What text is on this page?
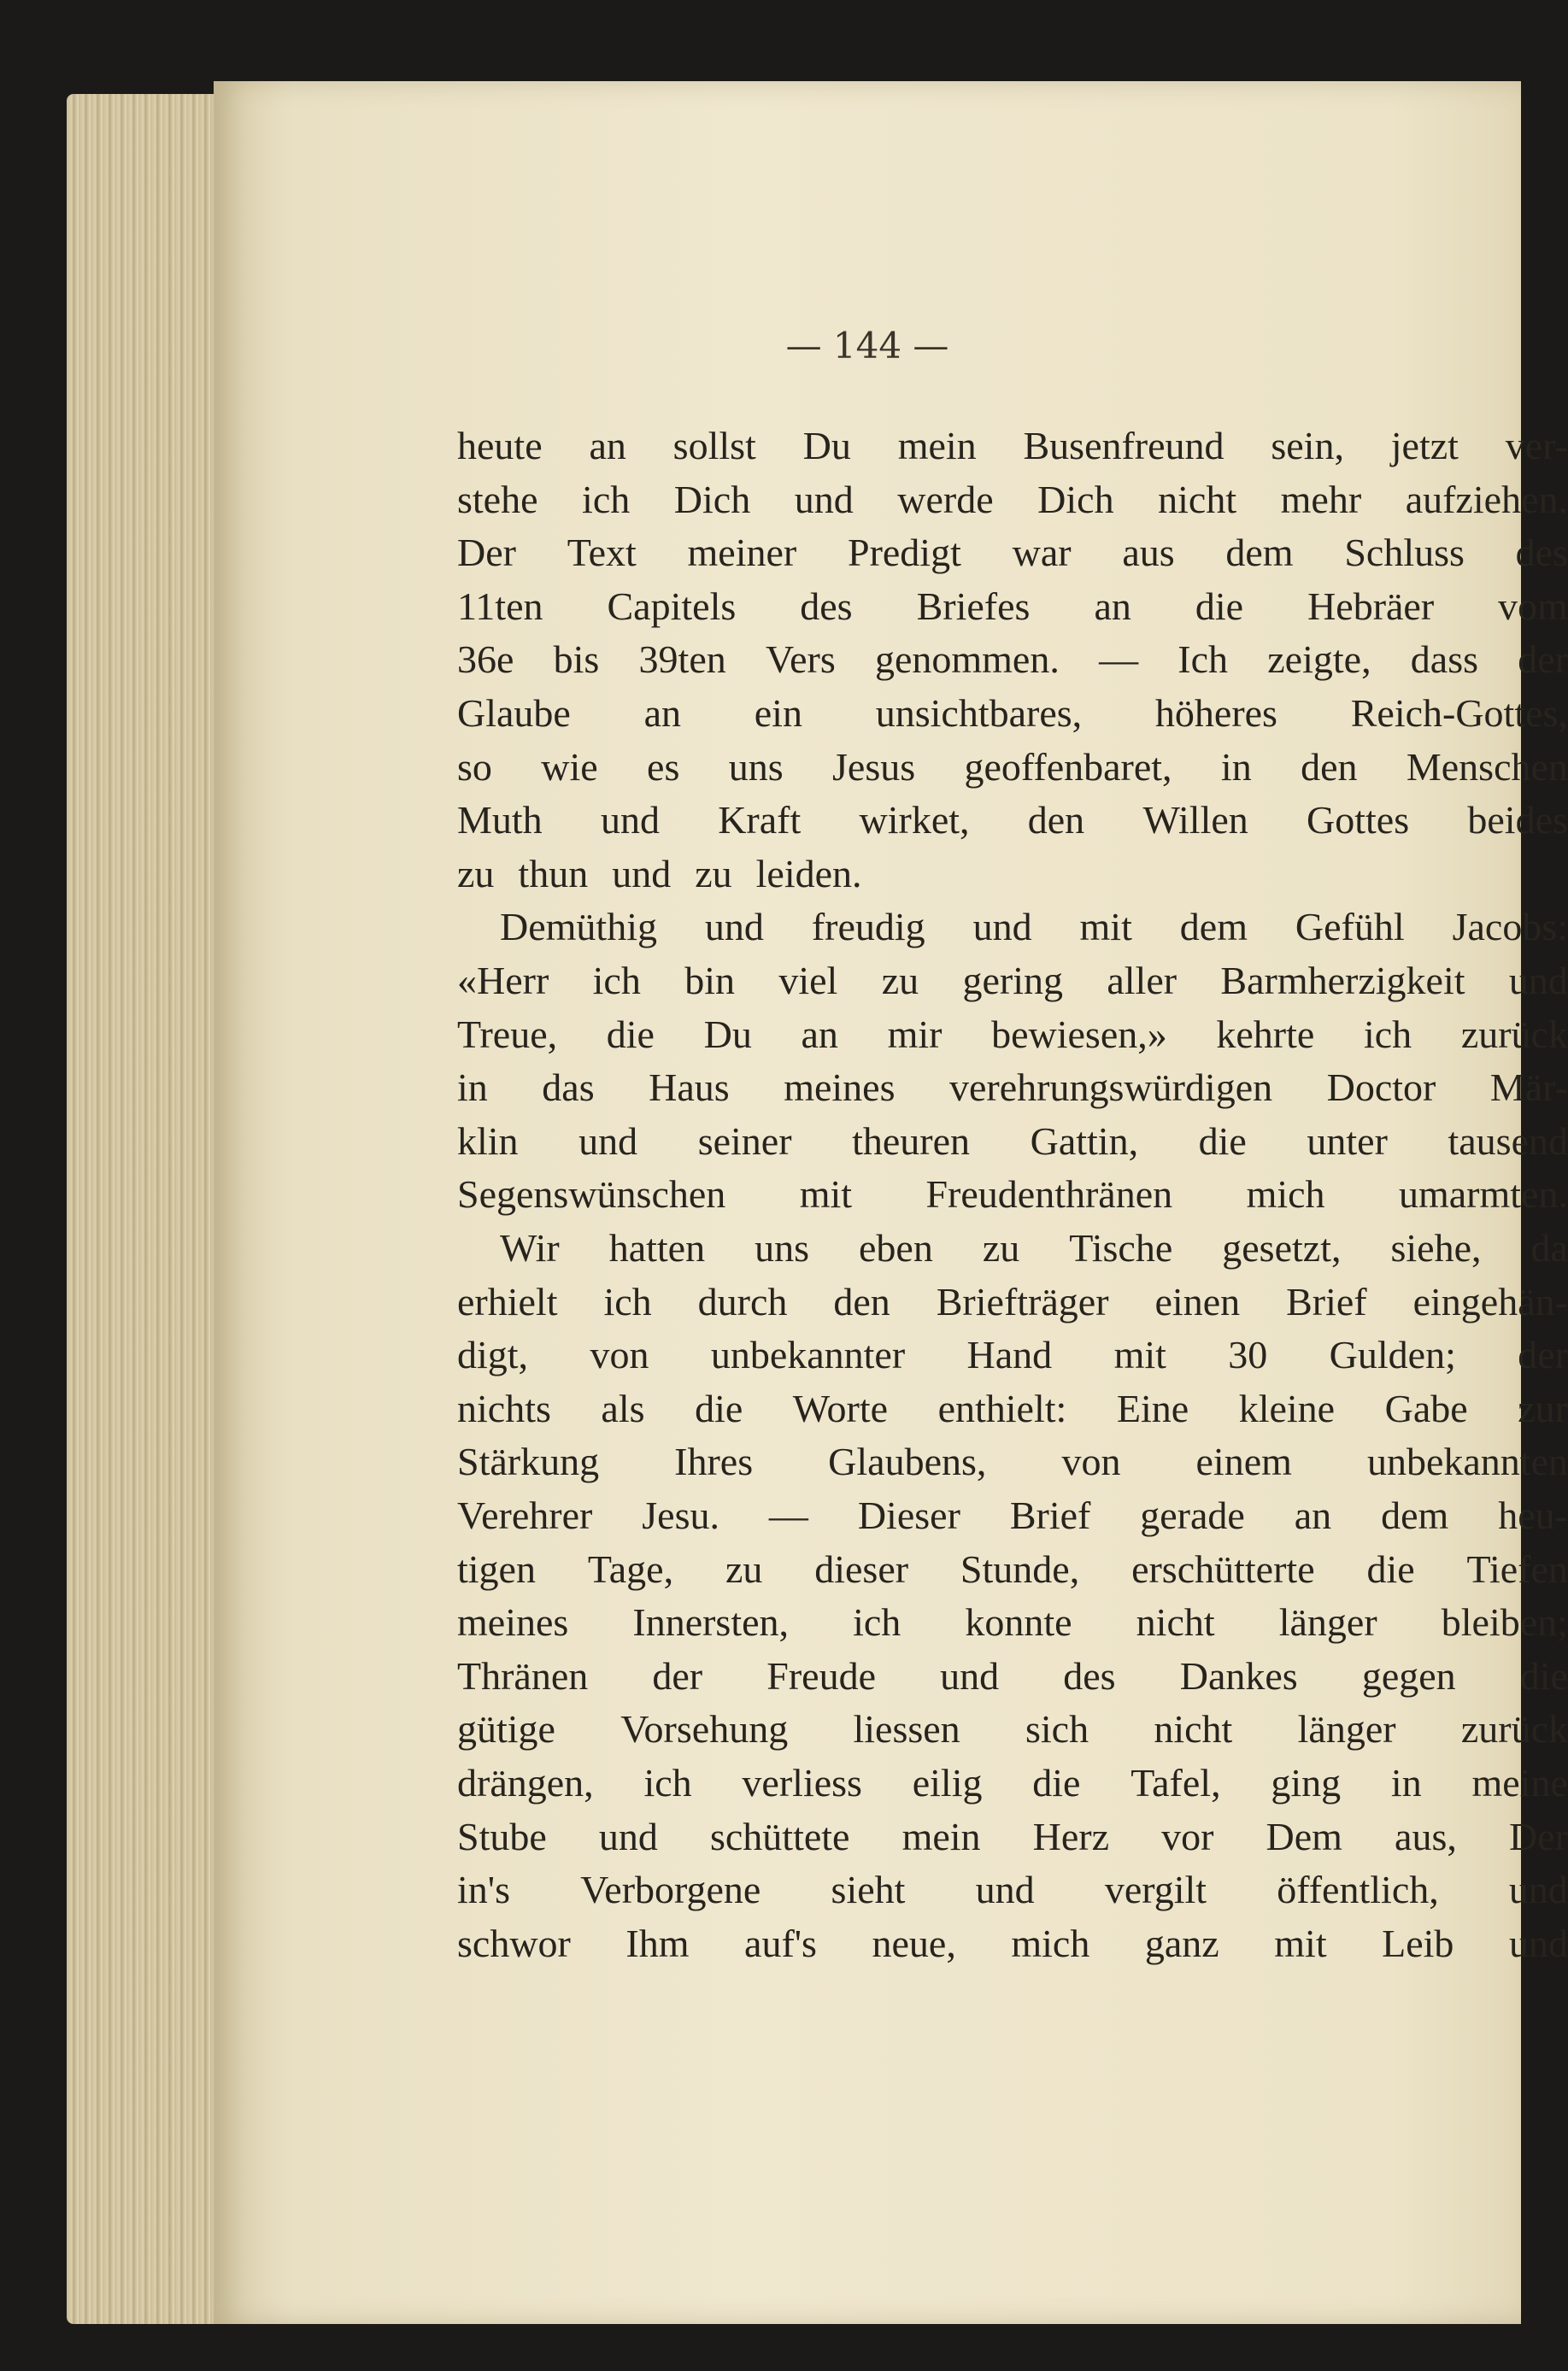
— 144 —
heute an sollst Du mein Busenfreund sein, jetzt ver-
stehe ich Dich und werde Dich nicht mehr aufziehen.
Der Text meiner Predigt war aus dem Schluss des
11ten Capitels des Briefes an die Hebräer vom
36e bis 39ten Vers genommen. — Ich zeigte, dass der
Glaube an ein unsichtbares, höheres Reich-Gottes,
so wie es uns Jesus geoffenbaret, in den Menschen
Muth und Kraft wirket, den Willen Gottes beides
zu thun und zu leiden.
Demüthig und freudig und mit dem Gefühl Jacobs:
«Herr ich bin viel zu gering aller Barmherzigkeit und
Treue, die Du an mir bewiesen,» kehrte ich zurück
in das Haus meines verehrungswürdigen Doctor Mär-
klin und seiner theuren Gattin, die unter tausend
Segenswünschen mit Freudenthränen mich umarmten.
Wir hatten uns eben zu Tische gesetzt, siehe, da
erhielt ich durch den Briefträger einen Brief eingehän-
digt, von unbekannter Hand mit 30 Gulden; der
nichts als die Worte enthielt: Eine kleine Gabe zur
Stärkung Ihres Glaubens, von einem unbekannten
Verehrer Jesu. — Dieser Brief gerade an dem heu-
tigen Tage, zu dieser Stunde, erschütterte die Tiefen
meines Innersten, ich konnte nicht länger bleiben;
Thränen der Freude und des Dankes gegen die
gütige Vorsehung liessen sich nicht länger zurück
drängen, ich verliess eilig die Tafel, ging in meine
Stube und schüttete mein Herz vor Dem aus, Der
in's Verborgene sieht und vergilt öffentlich, und
schwor Ihm auf's neue, mich ganz mit Leib und
